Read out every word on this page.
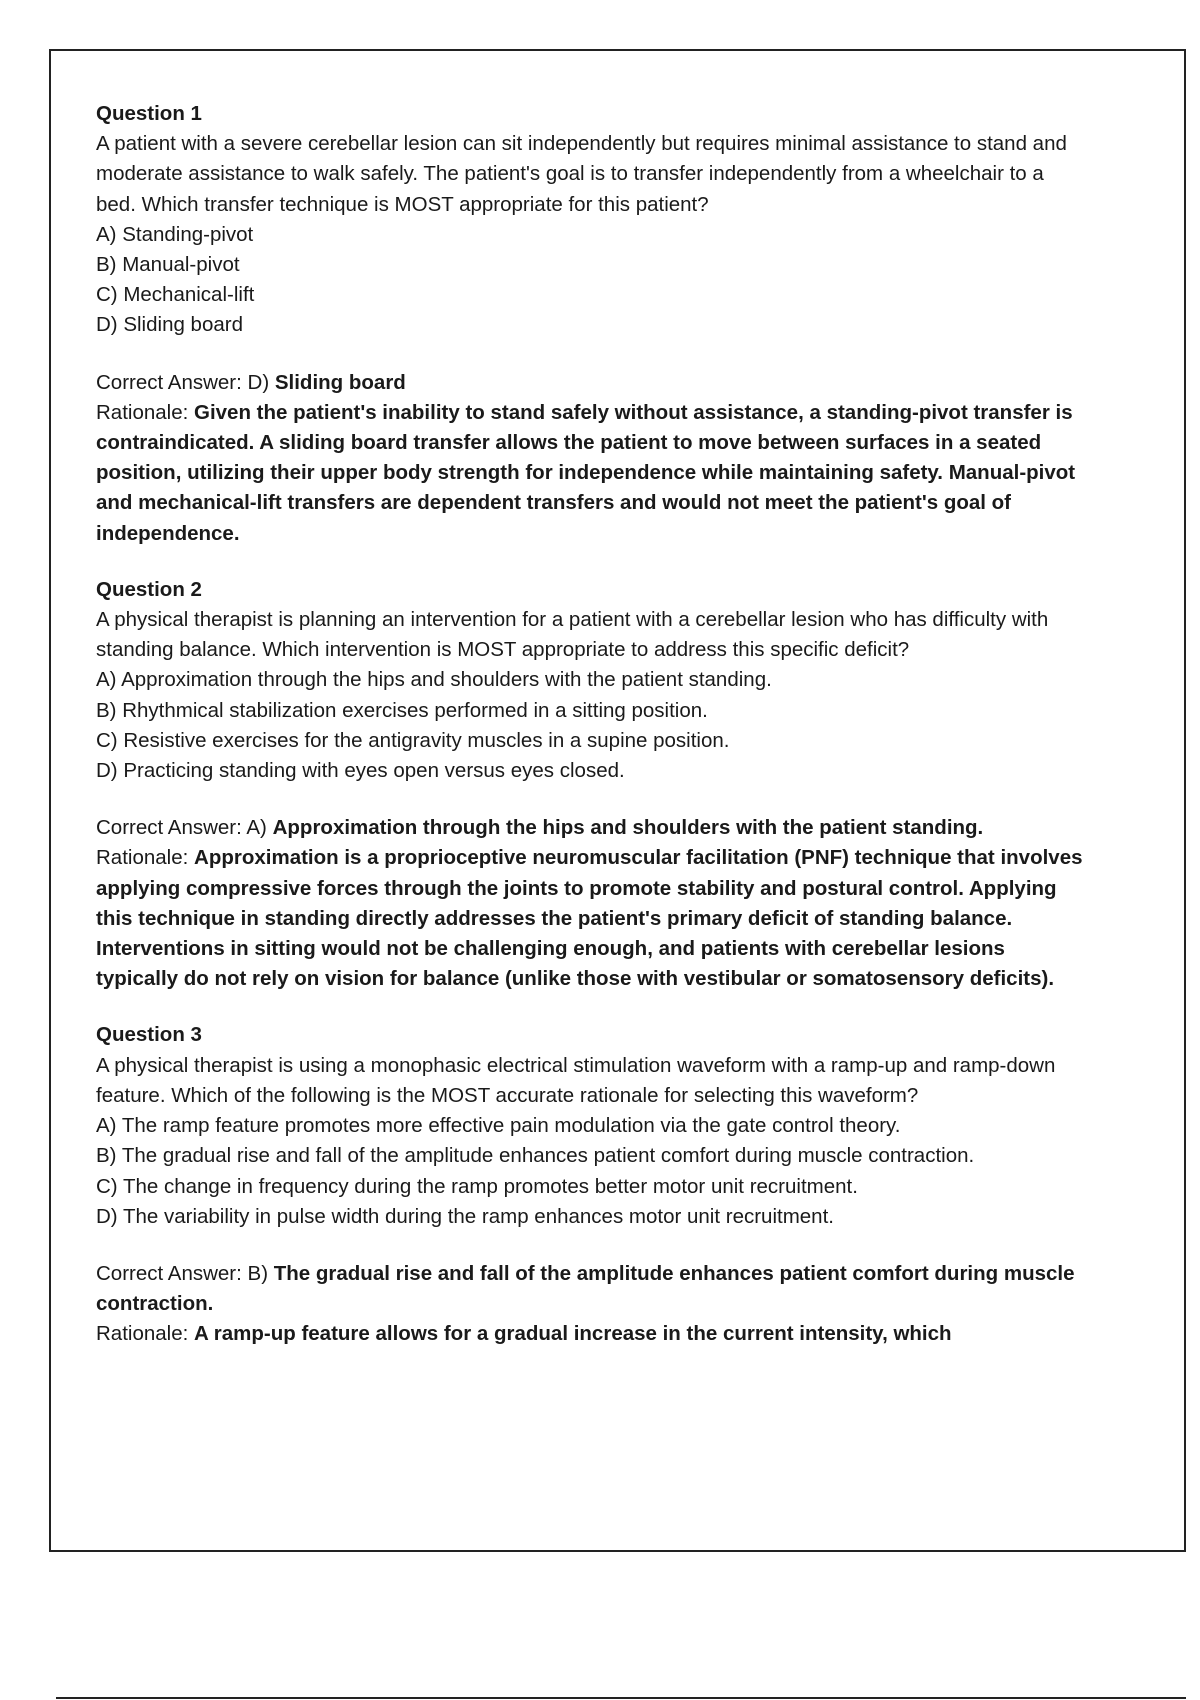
Question 1

A patient with a severe cerebellar lesion can sit independently but requires minimal assistance to stand and moderate assistance to walk safely. The patient's goal is to transfer independently from a wheelchair to a bed. Which transfer technique is MOST appropriate for this patient?

A) Standing-pivot
B) Manual-pivot
C) Mechanical-lift
D) Sliding board

Correct Answer: D) Sliding board

Rationale: Given the patient's inability to stand safely without assistance, a standing-pivot transfer is contraindicated. A sliding board transfer allows the patient to move between surfaces in a seated position, utilizing their upper body strength for independence while maintaining safety. Manual-pivot and mechanical-lift transfers are dependent transfers and would not meet the patient's goal of independence.

Question 2

A physical therapist is planning an intervention for a patient with a cerebellar lesion who has difficulty with standing balance. Which intervention is MOST appropriate to address this specific deficit?

A) Approximation through the hips and shoulders with the patient standing.
B) Rhythmical stabilization exercises performed in a sitting position.
C) Resistive exercises for the antigravity muscles in a supine position.
D) Practicing standing with eyes open versus eyes closed.

Correct Answer: A) Approximation through the hips and shoulders with the patient standing.

Rationale: Approximation is a proprioceptive neuromuscular facilitation (PNF) technique that involves applying compressive forces through the joints to promote stability and postural control. Applying this technique in standing directly addresses the patient's primary deficit of standing balance. Interventions in sitting would not be challenging enough, and patients with cerebellar lesions typically do not rely on vision for balance (unlike those with vestibular or somatosensory deficits).

Question 3

A physical therapist is using a monophasic electrical stimulation waveform with a ramp-up and ramp-down feature. Which of the following is the MOST accurate rationale for selecting this waveform?

A) The ramp feature promotes more effective pain modulation via the gate control theory.
B) The gradual rise and fall of the amplitude enhances patient comfort during muscle contraction.
C) The change in frequency during the ramp promotes better motor unit recruitment.
D) The variability in pulse width during the ramp enhances motor unit recruitment.

Correct Answer: B) The gradual rise and fall of the amplitude enhances patient comfort during muscle contraction.

Rationale: A ramp-up feature allows for a gradual increase in the current intensity, which
